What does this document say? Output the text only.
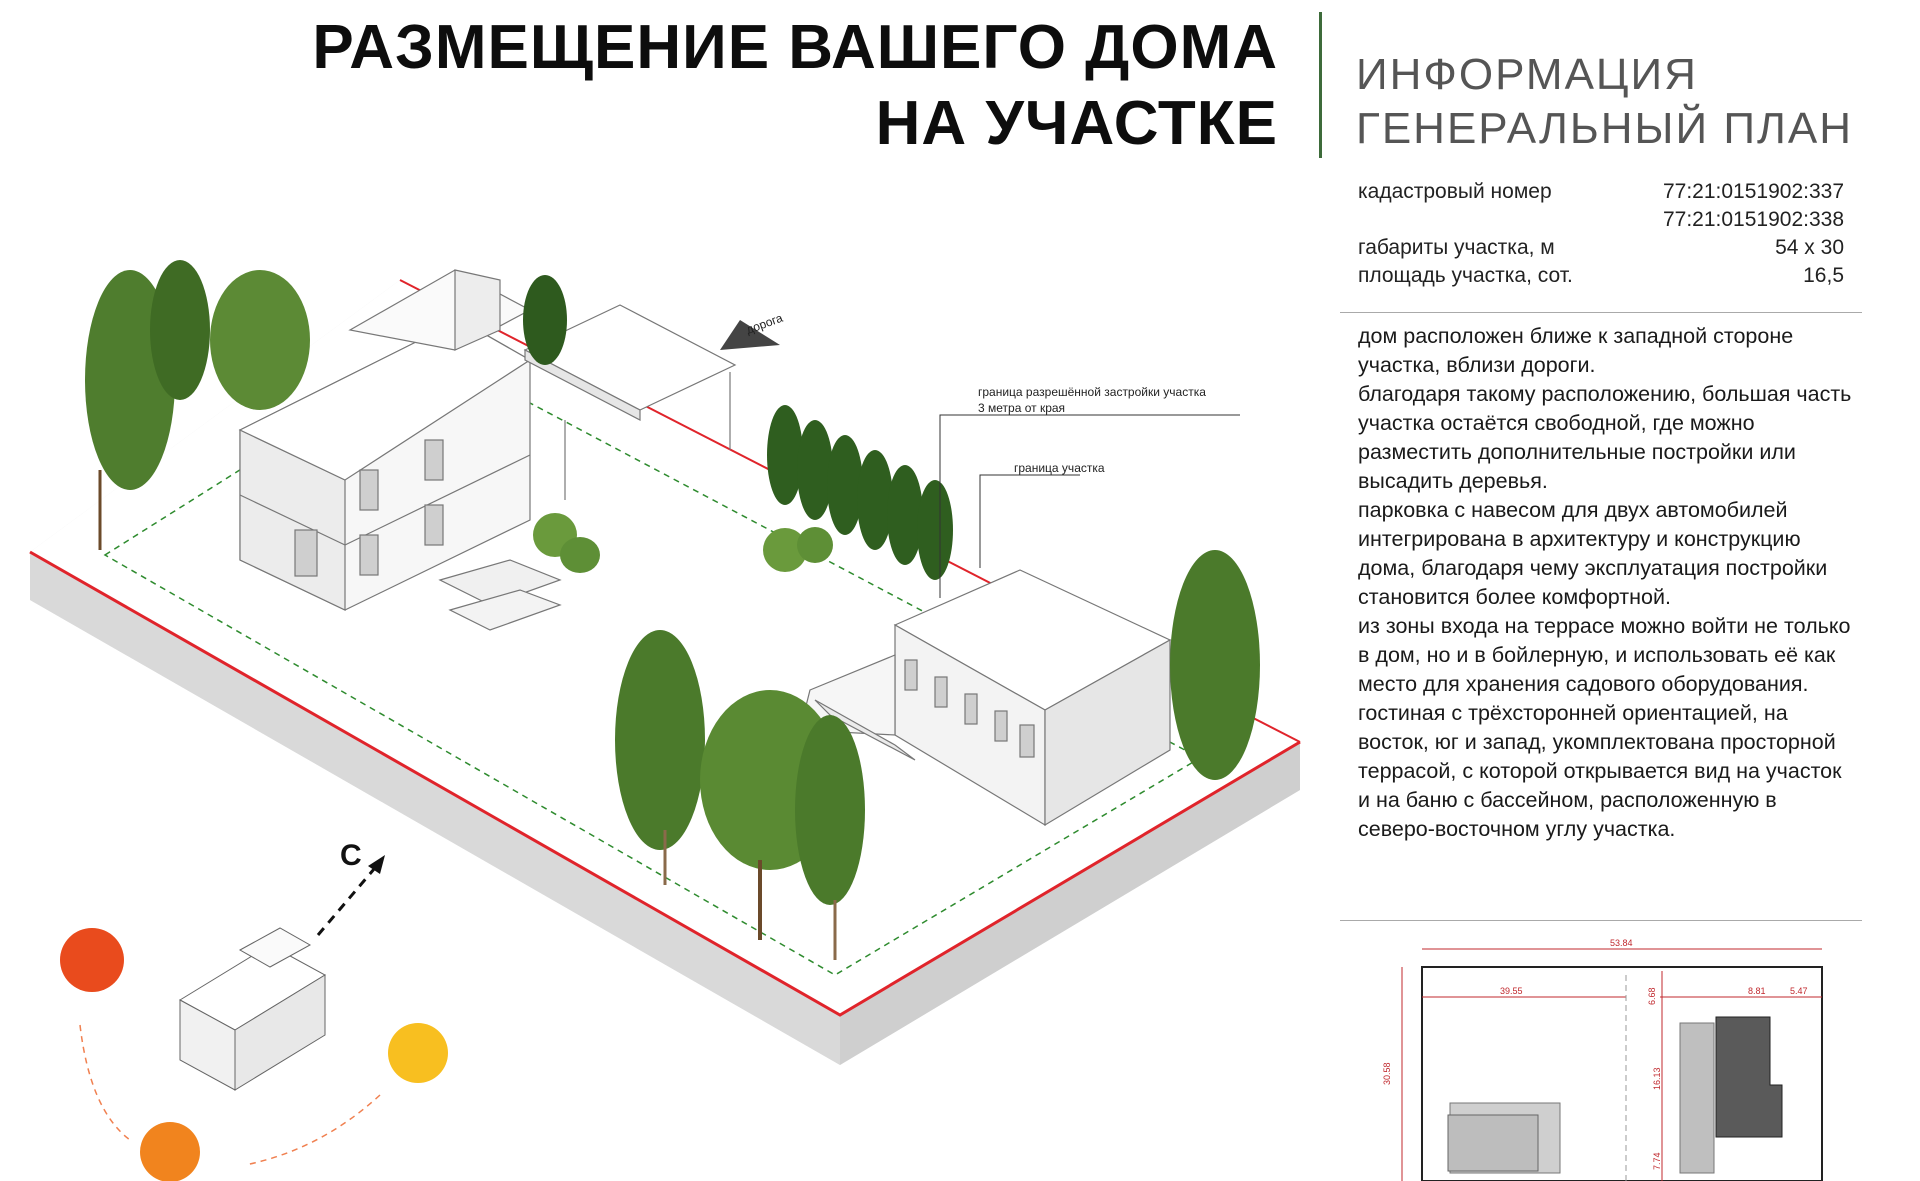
РАЗМЕЩЕНИЕ ВАШЕГО ДОМА
НА УЧАСТКЕ
ИНФОРМАЦИЯ
ГЕНЕРАЛЬНЫЙ ПЛАН
кадастровый номер	77:21:0151902:337
77:21:0151902:338
габариты участка, м	54 x 30
площадь участка, сот.	16,5

дом расположен ближе к западной стороне участка, вблизи дороги.

благодаря такому расположению, большая часть участка остаётся свободной, где можно разместить дополнительные постройки или высадить деревья.

парковка с навесом для двух автомобилей интегрирована в архитектуру и конструкцию дома, благодаря чему эксплуатация постройки становится более комфортной.

из зоны входа на террасе можно войти не только в дом, но и в бойлерную, и использовать её как место для хранения садового оборудования.

гостиная с трёхсторонней ориентацией, на восток, юг и запад, укомплектована просторной террасой, с которой открывается вид на участок и на баню с бассейном, расположенную в северо-восточном углу участка.

дорога
граница разрешённой застройки участка
3 метра от края
граница участка
С
53.84
39.55	8.81	5.47
6.68
16.13
7.74
30.58
